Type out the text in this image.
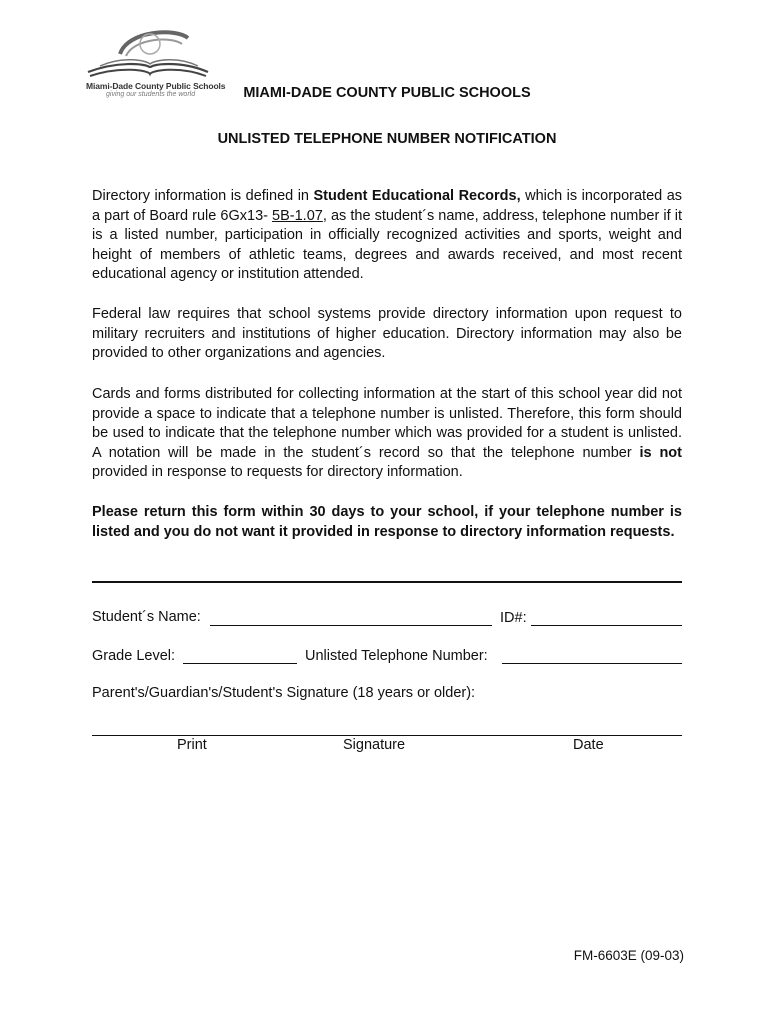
Miami-Dade County Public Schools
giving our students the world	MIAMI-DADE COUNTY PUBLIC SCHOOLS
UNLISTED TELEPHONE NUMBER NOTIFICATION
Directory information is defined in Student Educational Records, which is incorporated as a part of Board rule 6Gx13- 5B-1.07, as the student´s name, address, telephone number if it is a listed number, participation in officially recognized activities and sports, weight and height of members of athletic teams, degrees and awards received, and most recent educational agency or institution attended.
Federal law requires that school systems provide directory information upon request to military recruiters and institutions of higher education. Directory information may also be provided to other organizations and agencies.
Cards and forms distributed for collecting information at the start of this school year did not provide a space to indicate that a telephone number is unlisted. Therefore, this form should be used to indicate that the telephone number which was provided for a student is unlisted. A notation will be made in the student´s record so that the telephone number is not provided in response to requests for directory information.
Please return this form within 30 days to your school, if your telephone number is listed and you do not want it provided in response to directory information requests.
Student´s Name:	ID#:
Grade Level:	Unlisted Telephone Number:
Parent's/Guardian's/Student's Signature (18 years or older):
Print	Signature	Date
FM-6603E (09-03)
